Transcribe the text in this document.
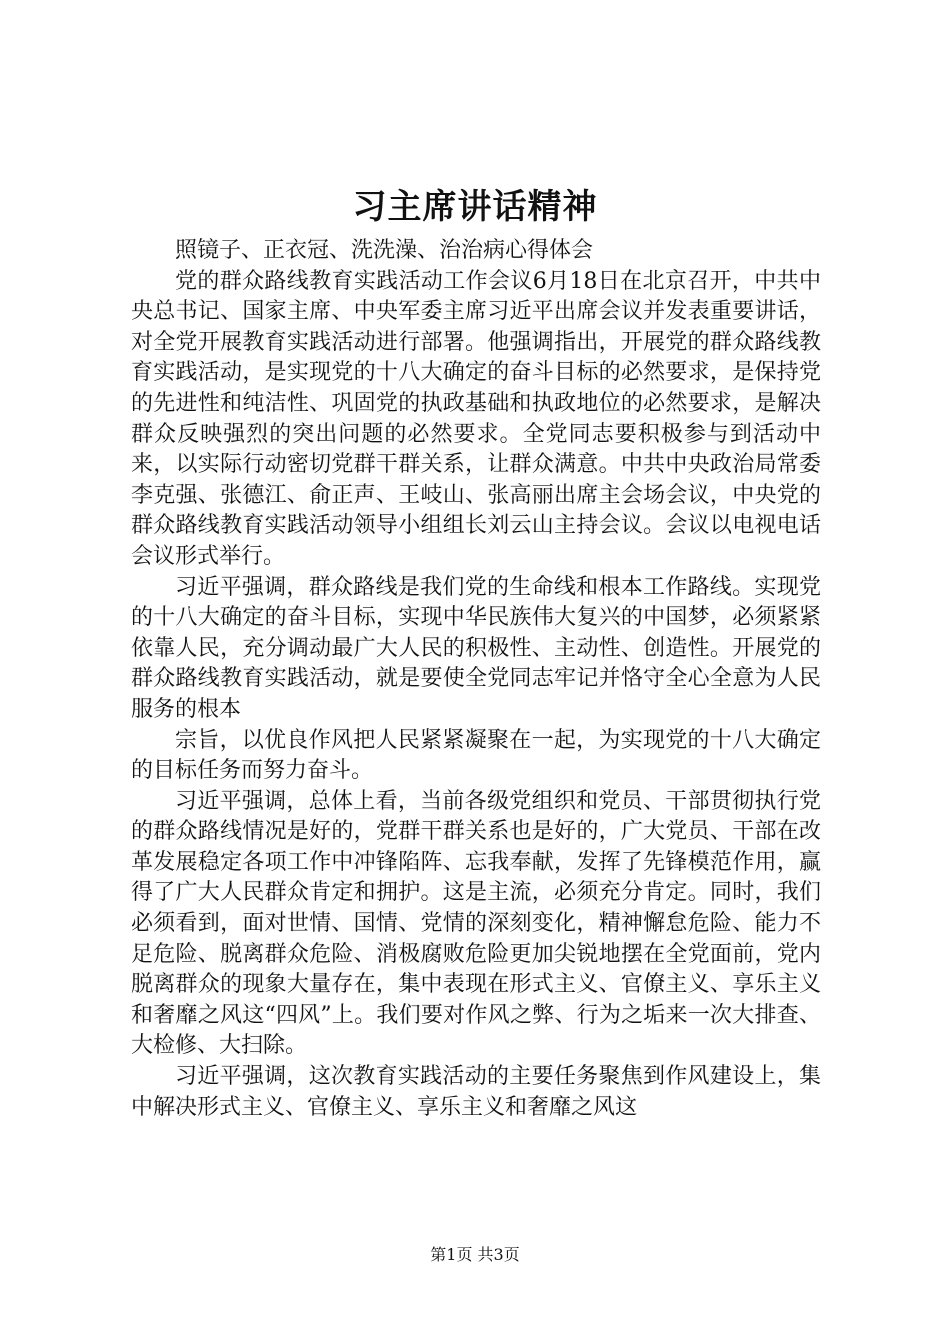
习主席讲话精神

照镜子、正衣冠、洗洗澡、治治病心得体会

党的群众路线教育实践活动工作会议6月18日在北京召开，中共中央总书记、国家主席、中央军委主席习近平出席会议并发表重要讲话，对全党开展教育实践活动进行部署。他强调指出，开展党的群众路线教育实践活动，是实现党的十八大确定的奋斗目标的必然要求，是保持党的先进性和纯洁性、巩固党的执政基础和执政地位的必然要求，是解决群众反映强烈的突出问题的必然要求。全党同志要积极参与到活动中来，以实际行动密切党群干群关系，让群众满意。中共中央政治局常委李克强、张德江、俞正声、王岐山、张高丽出席主会场会议，中央党的群众路线教育实践活动领导小组组长刘云山主持会议。会议以电视电话会议形式举行。

习近平强调，群众路线是我们党的生命线和根本工作路线。实现党的十八大确定的奋斗目标，实现中华民族伟大复兴的中国梦，必须紧紧依靠人民，充分调动最广大人民的积极性、主动性、创造性。开展党的群众路线教育实践活动，就是要使全党同志牢记并恪守全心全意为人民服务的根本

宗旨，以优良作风把人民紧紧凝聚在一起，为实现党的十八大确定的目标任务而努力奋斗。

习近平强调，总体上看，当前各级党组织和党员、干部贯彻执行党的群众路线情况是好的，党群干群关系也是好的，广大党员、干部在改革发展稳定各项工作中冲锋陷阵、忘我奉献，发挥了先锋模范作用，赢得了广大人民群众肯定和拥护。这是主流，必须充分肯定。同时，我们必须看到，面对世情、国情、党情的深刻变化，精神懈怠危险、能力不足危险、脱离群众危险、消极腐败危险更加尖锐地摆在全党面前，党内脱离群众的现象大量存在，集中表现在形式主义、官僚主义、享乐主义和奢靡之风这“四风”上。我们要对作风之弊、行为之垢来一次大排查、大检修、大扫除。

习近平强调，这次教育实践活动的主要任务聚焦到作风建设上，集中解决形式主义、官僚主义、享乐主义和奢靡之风这

第1页 共3页
